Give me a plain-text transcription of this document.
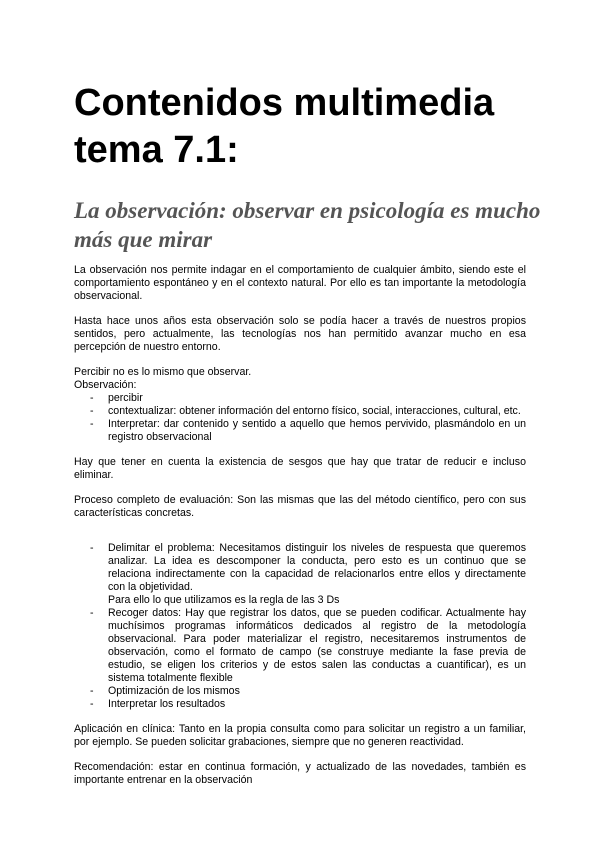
Contenidos multimedia tema 7.1:
La observación: observar en psicología es mucho más que mirar

La observación nos permite indagar en el comportamiento de cualquier ámbito, siendo este el comportamiento espontáneo y en el contexto natural. Por ello es tan importante la metodología observacional.

Hasta hace unos años esta observación solo se podía hacer a través de nuestros propios sentidos, pero actualmente, las tecnologías nos han permitido avanzar mucho en esa percepción de nuestro entorno.

Percibir no es lo mismo que observar.

Observación:

- percibir
- contextualizar: obtener información del entorno físico, social, interacciones, cultural, etc.
- Interpretar: dar contenido y sentido a aquello que hemos pervivido, plasmándolo en un registro observacional

Hay que tener en cuenta la existencia de sesgos que hay que tratar de reducir e incluso eliminar.

Proceso completo de evaluación: Son las mismas que las del método científico, pero con sus características concretas.

- Delimitar el problema: Necesitamos distinguir los niveles de respuesta que queremos analizar. La idea es descomponer la conducta, pero esto es un continuo que se relaciona indirectamente con la capacidad de relacionarlos entre ellos y directamente con la objetividad.
Para ello lo que utilizamos es la regla de las 3 Ds
- Recoger datos: Hay que registrar los datos, que se pueden codificar. Actualmente hay muchísimos programas informáticos dedicados al registro de la metodología observacional. Para poder materializar el registro, necesitaremos instrumentos de observación, como el formato de campo (se construye mediante la fase previa de estudio, se eligen los criterios y de estos salen las conductas a cuantificar), es un sistema totalmente flexible
- Optimización de los mismos
- Interpretar los resultados

Aplicación en clínica: Tanto en la propia consulta como para solicitar un registro a un familiar, por ejemplo. Se pueden solicitar grabaciones, siempre que no generen reactividad.

Recomendación: estar en continua formación, y actualizado de las novedades, también es importante entrenar en la observación
